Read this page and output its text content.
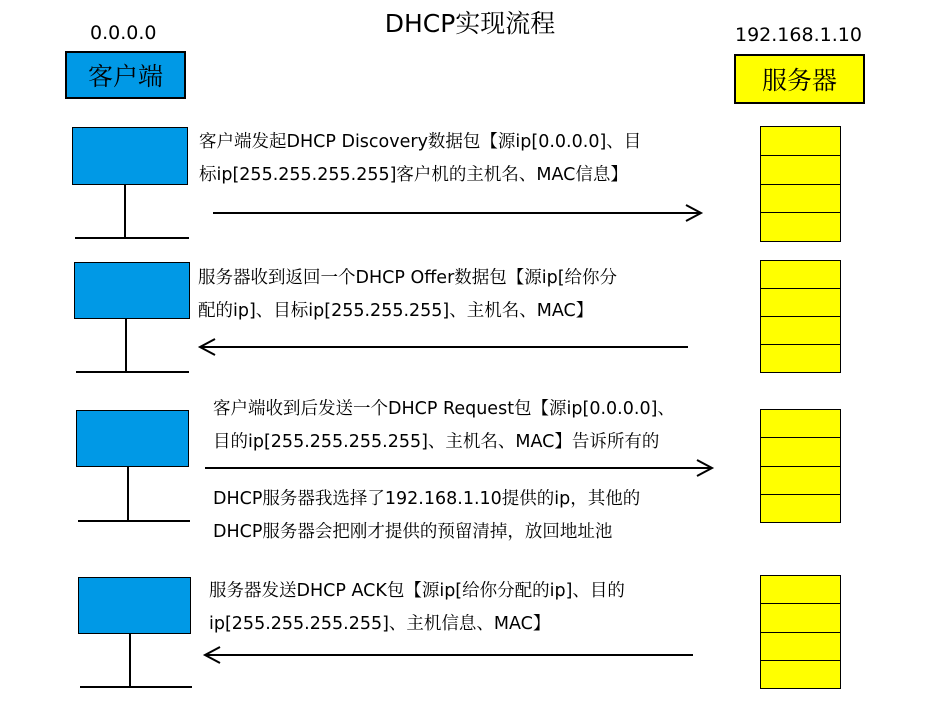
DHCP实现流程
0.0.0.0	192.168.1.10
客户端	服务器
客户端发起DHCP Discovery数据包【源ip[0.0.0.0]、目
标ip[255.255.255.255]客户机的主机名、MAC信息】
服务器收到返回一个DHCP Offer数据包【源ip[给你分
配的ip]、目标ip[255.255.255]、主机名、MAC】
客户端收到后发送一个DHCP Request包【源ip[0.0.0.0]、
目的ip[255.255.255.255]、主机名、MAC】告诉所有的
DHCP服务器我选择了192.168.1.10提供的ip，其他的
DHCP服务器会把刚才提供的预留清掉，放回地址池
服务器发送DHCP ACK包【源ip[给你分配的ip]、目的
ip[255.255.255.255]、主机信息、MAC】
